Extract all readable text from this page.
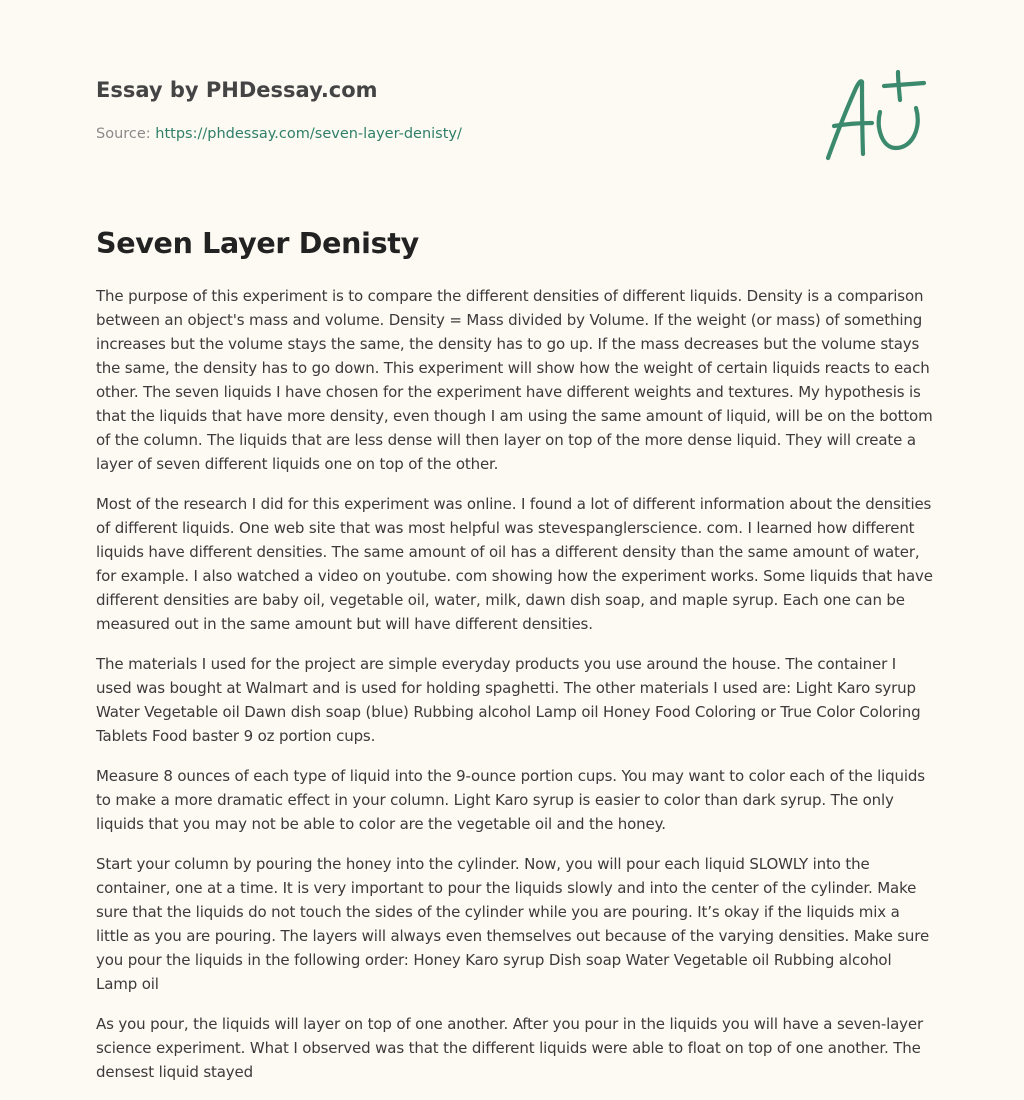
Essay by PHDessay.com
Source: https://phdessay.com/seven-layer-denisty/
Seven Layer Denisty

The purpose of this experiment is to compare the different densities of different liquids. Density is a comparison between an object's mass and volume. Density = Mass divided by Volume. If the weight (or mass) of something increases but the volume stays the same, the density has to go up. If the mass decreases but the volume stays the same, the density has to go down. This experiment will show how the weight of certain liquids reacts to each other. The seven liquids I have chosen for the experiment have different weights and textures. My hypothesis is that the liquids that have more density, even though I am using the same amount of liquid, will be on the bottom of the column. The liquids that are less dense will then layer on top of the more dense liquid. They will create a layer of seven different liquids one on top of the other.

Most of the research I did for this experiment was online. I found a lot of different information about the densities of different liquids. One web site that was most helpful was stevespanglerscience. com. I learned how different liquids have different densities. The same amount of oil has a different density than the same amount of water, for example. I also watched a video on youtube. com showing how the experiment works. Some liquids that have different densities are baby oil, vegetable oil, water, milk, dawn dish soap, and maple syrup. Each one can be measured out in the same amount but will have different densities.

The materials I used for the project are simple everyday products you use around the house. The container I used was bought at Walmart and is used for holding spaghetti. The other materials I used are: Light Karo syrup Water Vegetable oil Dawn dish soap (blue) Rubbing alcohol Lamp oil Honey Food Coloring or True Color Coloring Tablets Food baster 9 oz portion cups.

Measure 8 ounces of each type of liquid into the 9-ounce portion cups. You may want to color each of the liquids to make a more dramatic effect in your column. Light Karo syrup is easier to color than dark syrup. The only liquids that you may not be able to color are the vegetable oil and the honey.

Start your column by pouring the honey into the cylinder. Now, you will pour each liquid SLOWLY into the container, one at a time. It is very important to pour the liquids slowly and into the center of the cylinder. Make sure that the liquids do not touch the sides of the cylinder while you are pouring. It’s okay if the liquids mix a little as you are pouring. The layers will always even themselves out because of the varying densities. Make sure you pour the liquids in the following order: Honey Karo syrup Dish soap Water Vegetable oil Rubbing alcohol Lamp oil

As you pour, the liquids will layer on top of one another. After you pour in the liquids you will have a seven-layer science experiment. What I observed was that the different liquids were able to float on top of one another. The densest liquid stayed
